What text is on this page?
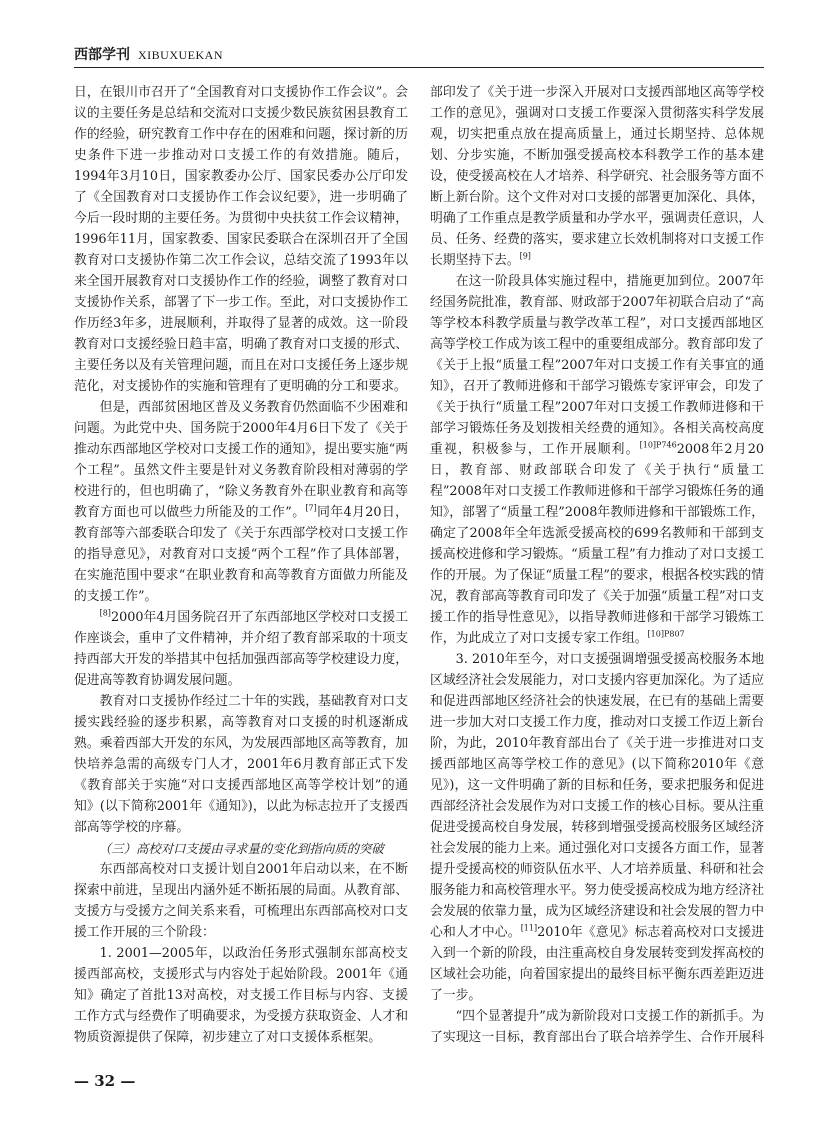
西部学刊 XIBUXUEKAN

日，在银川市召开了“全国教育对口支援协作工作会议”。会议的主要任务是总结和交流对口支援少数民族贫困县教育工作的经验，研究教育工作中存在的困难和问题，探讨新的历史条件下进一步推动对口支援工作的有效措施。随后，1994年3月10日，国家教委办公厅、国家民委办公厅印发了《全国教育对口支援协作工作会议纪要》，进一步明确了今后一段时期的主要任务。为贯彻中央扶贫工作会议精神，1996年11月，国家教委、国家民委联合在深圳召开了全国教育对口支援协作第二次工作会议，总结交流了1993年以来全国开展教育对口支援协作工作的经验，调整了教育对口支援协作关系，部署了下一步工作。至此，对口支援协作工作历经3年多，进展顺利，并取得了显著的成效。这一阶段教育对口支援经验日趋丰富，明确了教育对口支援的形式、主要任务以及有关管理问题，而且在对口支援任务上逐步规范化，对支援协作的实施和管理有了更明确的分工和要求。

但是，西部贫困地区普及义务教育仍然面临不少困难和问题。为此党中央、国务院于2000年4月6日下发了《关于推动东西部地区学校对口支援工作的通知》，提出要实施“两个工程”。虽然文件主要是针对义务教育阶段相对薄弱的学校进行的，但也明确了，“除义务教育外在职业教育和高等教育方面也可以做些力所能及的工作”。[7]同年4月20日，教育部等六部委联合印发了《关于东西部学校对口支援工作的指导意见》，对教育对口支援“两个工程”作了具体部署，在实施范围中要求“在职业教育和高等教育方面做力所能及的支援工作”。

[8]2000年4月国务院召开了东西部地区学校对口支援工作座谈会，重申了文件精神，并介绍了教育部采取的十项支持西部大开发的举措其中包括加强西部高等学校建设力度，促进高等教育协调发展问题。

教育对口支援协作经过二十年的实践，基础教育对口支援实践经验的逐步积累，高等教育对口支援的时机逐渐成熟。乘着西部大开发的东风，为发展西部地区高等教育，加快培养急需的高级专门人才，2001年6月教育部正式下发《教育部关于实施“对口支援西部地区高等学校计划”的通知》(以下简称2001年《通知》)，以此为标志拉开了支援西部高等学校的序幕。

（三）高校对口支援由寻求量的变化到指向质的突破

东西部高校对口支援计划自2001年启动以来，在不断探索中前进，呈现出内涵外延不断拓展的局面。从教育部、支援方与受援方之间关系来看，可梳理出东西部高校对口支援工作开展的三个阶段：

1. 2001—2005年，以政治任务形式强制东部高校支援西部高校，支援形式与内容处于起始阶段。2001年《通知》确定了首批13对高校，对支援工作目标与内容、支援工作方式与经费作了明确要求，为受援方获取资金、人才和物质资源提供了保障，初步建立了对口支援体系框架。

部印发了《关于进一步深入开展对口支援西部地区高等学校工作的意见》，强调对口支援工作要深入贯彻落实科学发展观，切实把重点放在提高质量上，通过长期坚持、总体规划、分步实施，不断加强受援高校本科教学工作的基本建设，使受援高校在人才培养、科学研究、社会服务等方面不断上新台阶。这个文件对对口支援的部署更加深化、具体，明确了工作重点是教学质量和办学水平，强调责任意识，人员、任务、经费的落实，要求建立长效机制将对口支援工作长期坚持下去。[9]

在这一阶段具体实施过程中，措施更加到位。2007年经国务院批准，教育部、财政部于2007年初联合启动了“高等学校本科教学质量与教学改革工程”，对口支援西部地区高等学校工作成为该工程中的重要组成部分。教育部印发了《关于上报“质量工程”2007年对口支援工作有关事宜的通知》，召开了教师进修和干部学习锻炼专家评审会，印发了《关于执行“质量工程”2007年对口支援工作教师进修和干部学习锻炼任务及划拨相关经费的通知》。各相关高校高度重视，积极参与，工作开展顺利。$^{[10]P746}$2008年2月20日，教育部、财政部联合印发了《关于执行“质量工程”2008年对口支援工作教师进修和干部学习锻炼任务的通知》，部署了“质量工程”2008年教师进修和干部锻炼工作，确定了2008年全年选派受援高校的699名教师和干部到支援高校进修和学习锻炼。“质量工程”有力推动了对口支援工作的开展。为了保证“质量工程”的要求，根据各校实践的情况，教育部高等教育司印发了《关于加强“质量工程”对口支援工作的指导性意见》，以指导教师进修和干部学习锻炼工作，为此成立了对口支援专家工作组。$^{[10]P807}$

3. 2010年至今，对口支援强调增强受援高校服务本地区域经济社会发展能力，对口支援内容更加深化。为了适应和促进西部地区经济社会的快速发展，在已有的基础上需要进一步加大对口支援工作力度，推动对口支援工作迈上新台阶，为此，2010年教育部出台了《关于进一步推进对口支援西部地区高等学校工作的意见》(以下简称2010年《意见》)，这一文件明确了新的目标和任务，要求把服务和促进西部经济社会发展作为对口支援工作的核心目标。要从注重促进受援高校自身发展，转移到增强受援高校服务区域经济社会发展的能力上来。通过强化对口支援各方面工作，显著提升受援高校的师资队伍水平、人才培养质量、科研和社会服务能力和高校管理水平。努力使受援高校成为地方经济社会发展的依靠力量，成为区域经济建设和社会发展的智力中心和人才中心。[11]2010年《意见》标志着高校对口支援进入到一个新的阶段，由注重高校自身发展转变到发挥高校的区域社会功能，向着国家提出的最终目标平衡东西差距迈进了一步。

“四个显著提升”成为新阶段对口支援工作的新抓手。为了实现这一目标，教育部出台了联合培养学生、合作开展科

— 32 —
